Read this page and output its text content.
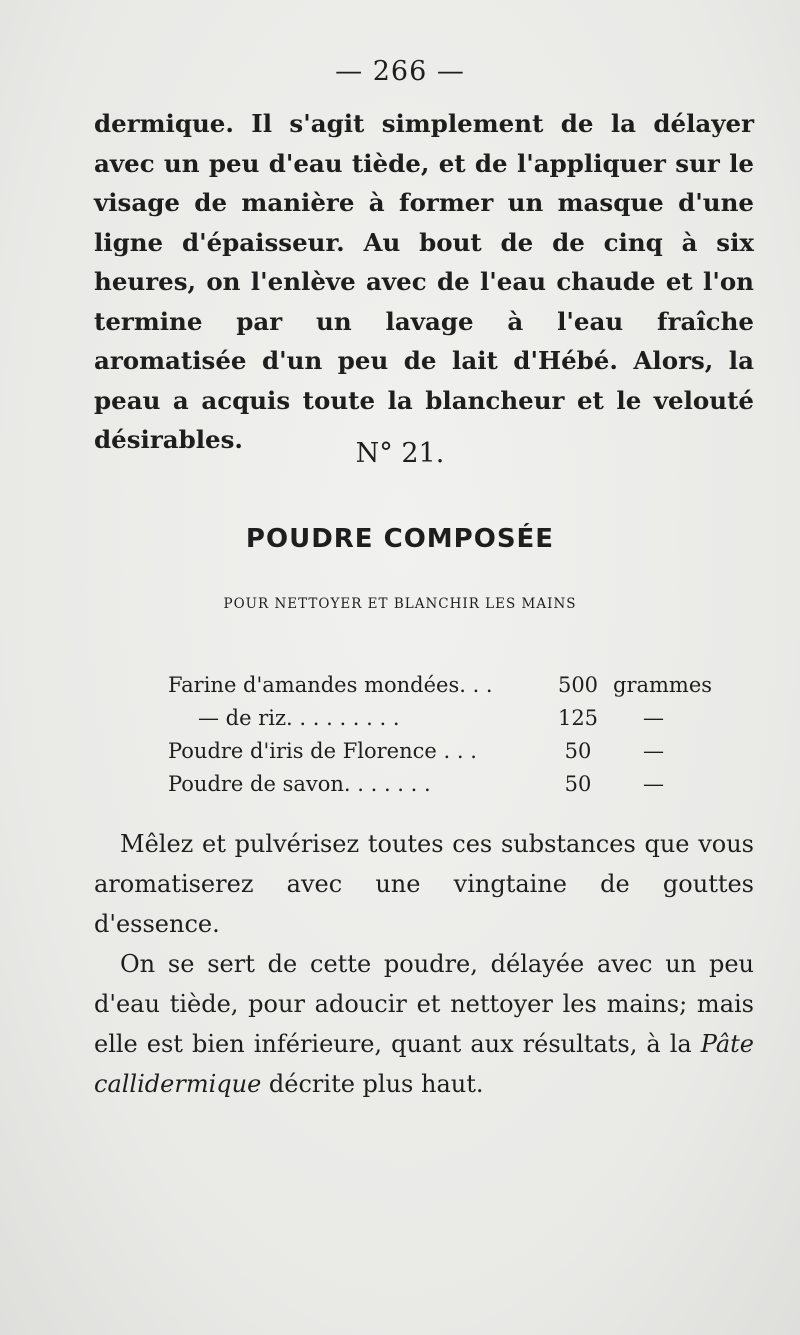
— 266 —

dermique. Il s'agit simplement de la délayer avec un peu d'eau tiède, et de l'appliquer sur le visage de manière à former un masque d'une ligne d'épaisseur. Au bout de de cinq à six heures, on l'enlève avec de l'eau chaude et l'on termine par un lavage à l'eau fraîche aromatisée d'un peu de lait d'Hébé. Alors, la peau a acquis toute la blancheur et le velouté désirables.	N° 21.
POUDRE COMPOSÉE
POUR NETTOYER ET BLANCHIR LES MAINS
Farine d'amandes mondées. . .	500	grammes
— de riz. . . . . . . . .	125	—
Poudre d'iris de Florence . . .	50	—
Poudre de savon. . . . . . .	50	—
Mêlez et pulvérisez toutes ces substances que vous aromatiserez avec une vingtaine de gouttes d'essence.
On se sert de cette poudre, délayée avec un peu d'eau tiède, pour adoucir et nettoyer les mains; mais elle est bien inférieure, quant aux résultats, à la Pâte callidermique décrite plus haut.
